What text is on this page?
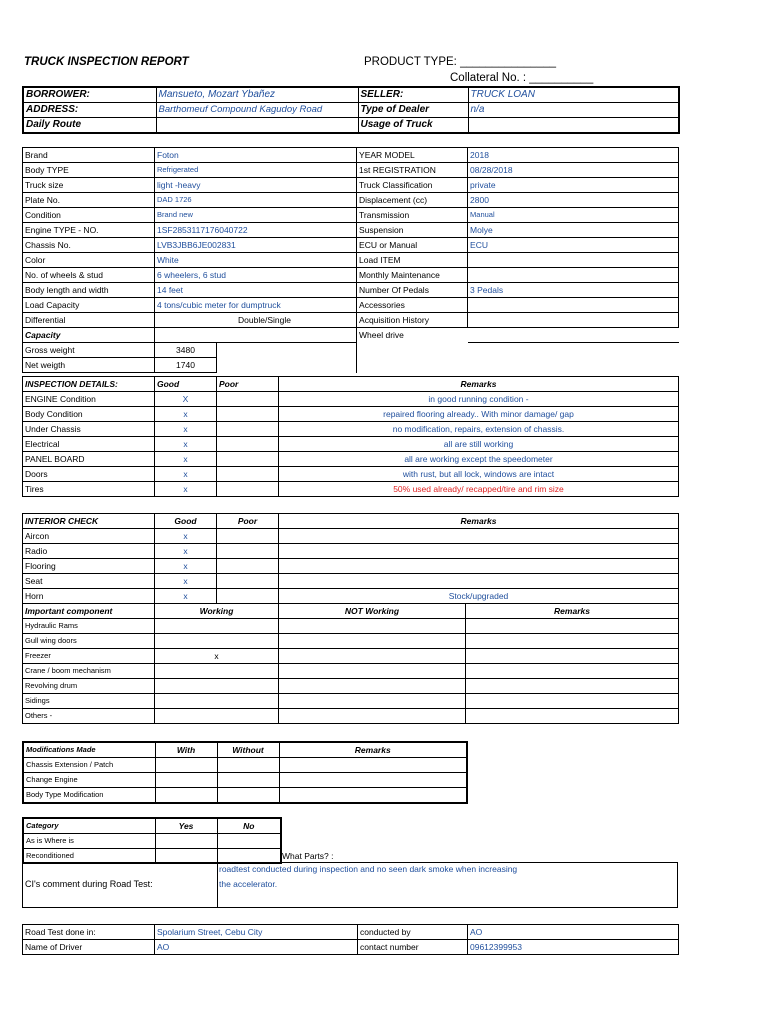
TRUCK INSPECTION REPORT	PRODUCT TYPE: _______________
Collateral No. : __________
BORROWER:	Mansueto, Mozart Ybañez	SELLER:	TRUCK LOAN
ADDRESS:	Barthomeuf Compound Kagudoy Road	Type of Dealer	n/a
Daily Route		Usage of Truck	
Brand	Foton			YEAR MODEL	2018
Body TYPE	Refrigerated			1st REGISTRATION	08/28/2018
Truck size	light -heavy			Truck Classification	private
Plate No.	DAD 1726			Displacement (cc)	2800
Condition	Brand new			Transmission	Manual
Engine TYPE - NO.	1SF2853117176040722			Suspension	Molye
Chassis No.	LVB3JBB6JE002831			ECU or Manual	ECU
Color	White			Load ITEM	
No. of wheels & stud	6 wheelers, 6 stud			Monthly Maintenance	
Body length and width	14 feet			Number Of Pedals	3 Pedals
Load Capacity	4 tons/cubic meter for dumptruck			Accessories	
Differential	Double/Single			Acquisition History	
Capacity				Wheel drive	
Gross weight	3480				
Net weigth	1740				
INSPECTION DETAILS:	Good	Poor	Remarks
ENGINE Condition	X		in good running condition -
Body Condition	x		repaired flooring already.. With minor damage/ gap
Under Chassis	x		no modification, repairs, extension of chassis.
Electrical	x		all are still working
PANEL BOARD	x		all are working except the speedometer
Doors	x		with rust, but all lock, windows are intact
Tires	x		50% used already/ recapped/tire and rim size
INTERIOR CHECK	Good	Poor	Remarks	
Aircon	x			
Radio	x			
Flooring	x			
Seat	x			
Horn	x		Stock/upgraded	
Important component	Working		NOT Working	Remarks
Hydraulic Rams				
Gull wing doors				
Freezer	x			
Crane / boom mechanism				
Revolving drum				
Sidings				
Others -				
Modifications Made	With	Without	Remarks
Chassis Extension / Patch			
Change Engine			
Body Type Modification			
Category	Yes	No
As is Where is		
Reconditioned			What Parts? :
CI's comment during Road Test:
roadtest conducted during inspection and no seen dark smoke when increasing
the accelerator.
Road Test done in:	Spolarium Street, Cebu City	conducted by	AO
Name of Driver	AO	contact number	09612399953
